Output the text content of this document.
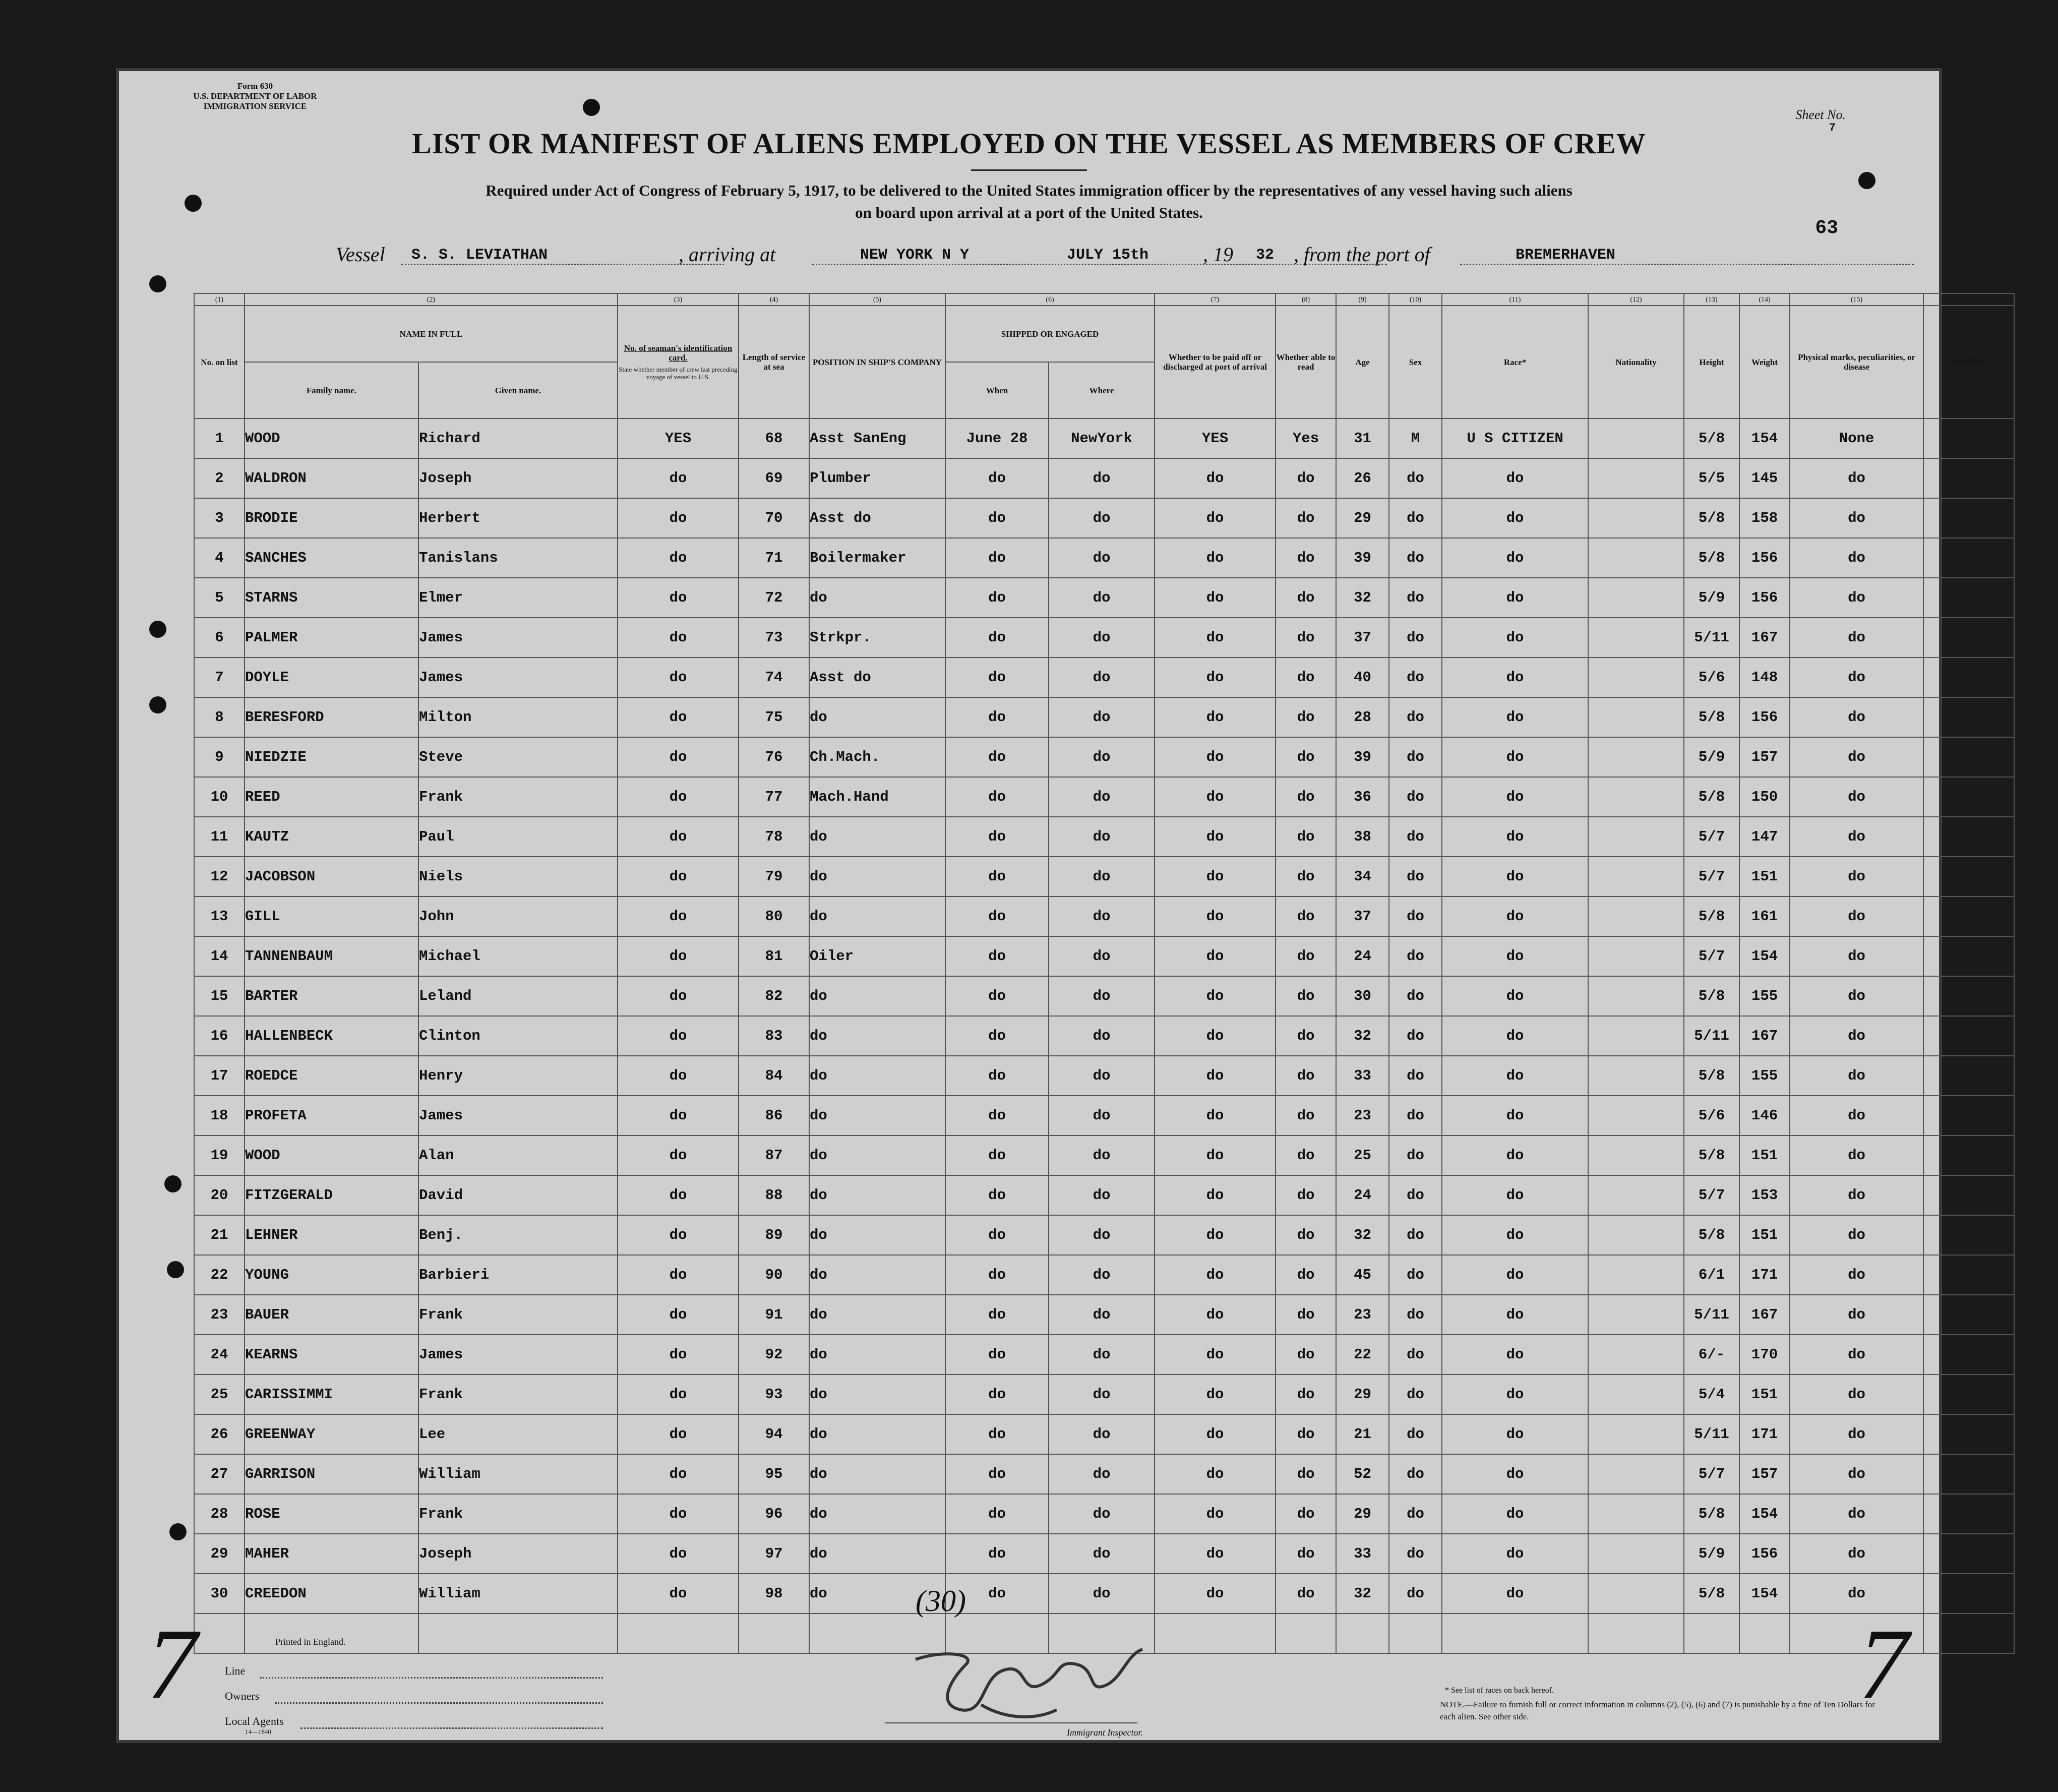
Form 630
U.S. DEPARTMENT OF LABOR
IMMIGRATION SERVICE
Sheet No.
7
63
LIST OR MANIFEST OF ALIENS EMPLOYED ON THE VESSEL AS MEMBERS OF CREW
Required under Act of Congress of February 5, 1917, to be delivered to the United States immigration officer by the representatives of any vessel having such aliens
on board upon arrival at a port of the United States.
Vessel S. S. LEVIATHAN	, arriving at	NEW YORK N Y	JULY 15th	, 19 32 , from the port of	BREMERHAVEN
(1)	(2)		(3)	(4)	(5)	(6)		(7)	(8)	(9)	(10)	(11)	(12)	(13)	(14)	(15)	
No. on list	NAME IN FULL		No. of seaman's identification card.
State whether member of crew last preceding voyage of vessel to U.S.	Length of service at sea	POSITION IN SHIP'S COMPANY	SHIPPED OR ENGAGED		Whether to be paid off or discharged at port of arrival	Whether able to read	Age	Sex	Race*	Nationality	Height	Weight	Physical marks, peculiarities, or disease	REMARKS
	Family name.	Given name.				When	Where										
1	WOOD	Richard	YES	68	Asst SanEng	June 28	NewYork	YES	Yes	31	M	U S CITIZEN		5/8	154	None	
2	WALDRON	Joseph	do	69	Plumber	do	do	do	do	26	do	do		5/5	145	do	
3	BRODIE	Herbert	do	70	Asst do	do	do	do	do	29	do	do		5/8	158	do	
4	SANCHES	Tanislans	do	71	Boilermaker	do	do	do	do	39	do	do		5/8	156	do	
5	STARNS	Elmer	do	72	do	do	do	do	do	32	do	do		5/9	156	do	
6	PALMER	James	do	73	Strkpr.	do	do	do	do	37	do	do		5/11	167	do	
7	DOYLE	James	do	74	Asst do	do	do	do	do	40	do	do		5/6	148	do	
8	BERESFORD	Milton	do	75	do	do	do	do	do	28	do	do		5/8	156	do	
9	NIEDZIE	Steve	do	76	Ch.Mach.	do	do	do	do	39	do	do		5/9	157	do	
10	REED	Frank	do	77	Mach.Hand	do	do	do	do	36	do	do		5/8	150	do	
11	KAUTZ	Paul	do	78	do	do	do	do	do	38	do	do		5/7	147	do	
12	JACOBSON	Niels	do	79	do	do	do	do	do	34	do	do		5/7	151	do	
13	GILL	John	do	80	do	do	do	do	do	37	do	do		5/8	161	do	
14	TANNENBAUM	Michael	do	81	Oiler	do	do	do	do	24	do	do		5/7	154	do	
15	BARTER	Leland	do	82	do	do	do	do	do	30	do	do		5/8	155	do	
16	HALLENBECK	Clinton	do	83	do	do	do	do	do	32	do	do		5/11	167	do	
17	ROEDCE	Henry	do	84	do	do	do	do	do	33	do	do		5/8	155	do	
18	PROFETA	James	do	86	do	do	do	do	do	23	do	do		5/6	146	do	
19	WOOD	Alan	do	87	do	do	do	do	do	25	do	do		5/8	151	do	
20	FITZGERALD	David	do	88	do	do	do	do	do	24	do	do		5/7	153	do	
21	LEHNER	Benj.	do	89	do	do	do	do	do	32	do	do		5/8	151	do	
22	YOUNG	Barbieri	do	90	do	do	do	do	do	45	do	do		6/1	171	do	
23	BAUER	Frank	do	91	do	do	do	do	do	23	do	do		5/11	167	do	
24	KEARNS	James	do	92	do	do	do	do	do	22	do	do		6/-	170	do	
25	CARISSIMMI	Frank	do	93	do	do	do	do	do	29	do	do		5/4	151	do	
26	GREENWAY	Lee	do	94	do	do	do	do	do	21	do	do		5/11	171	do	
27	GARRISON	William	do	95	do	do	do	do	do	52	do	do		5/7	157	do	
28	ROSE	Frank	do	96	do	do	do	do	do	29	do	do		5/8	154	do	
29	MAHER	Joseph	do	97	do	do	do	do	do	33	do	do		5/9	156	do	
30	CREEDON	William	do	98	do	do	do	do	do	32	do	do		5/8	154	do	

(30)
Printed in England.
Line
Owners
Local Agents
14—1840
7	7
Immigrant Inspector.
* See list of races on back hereof.
NOTE.—Failure to furnish full or correct information in columns (2), (5), (6) and (7) is punishable by a fine of Ten Dollars for each alien. See other side.
